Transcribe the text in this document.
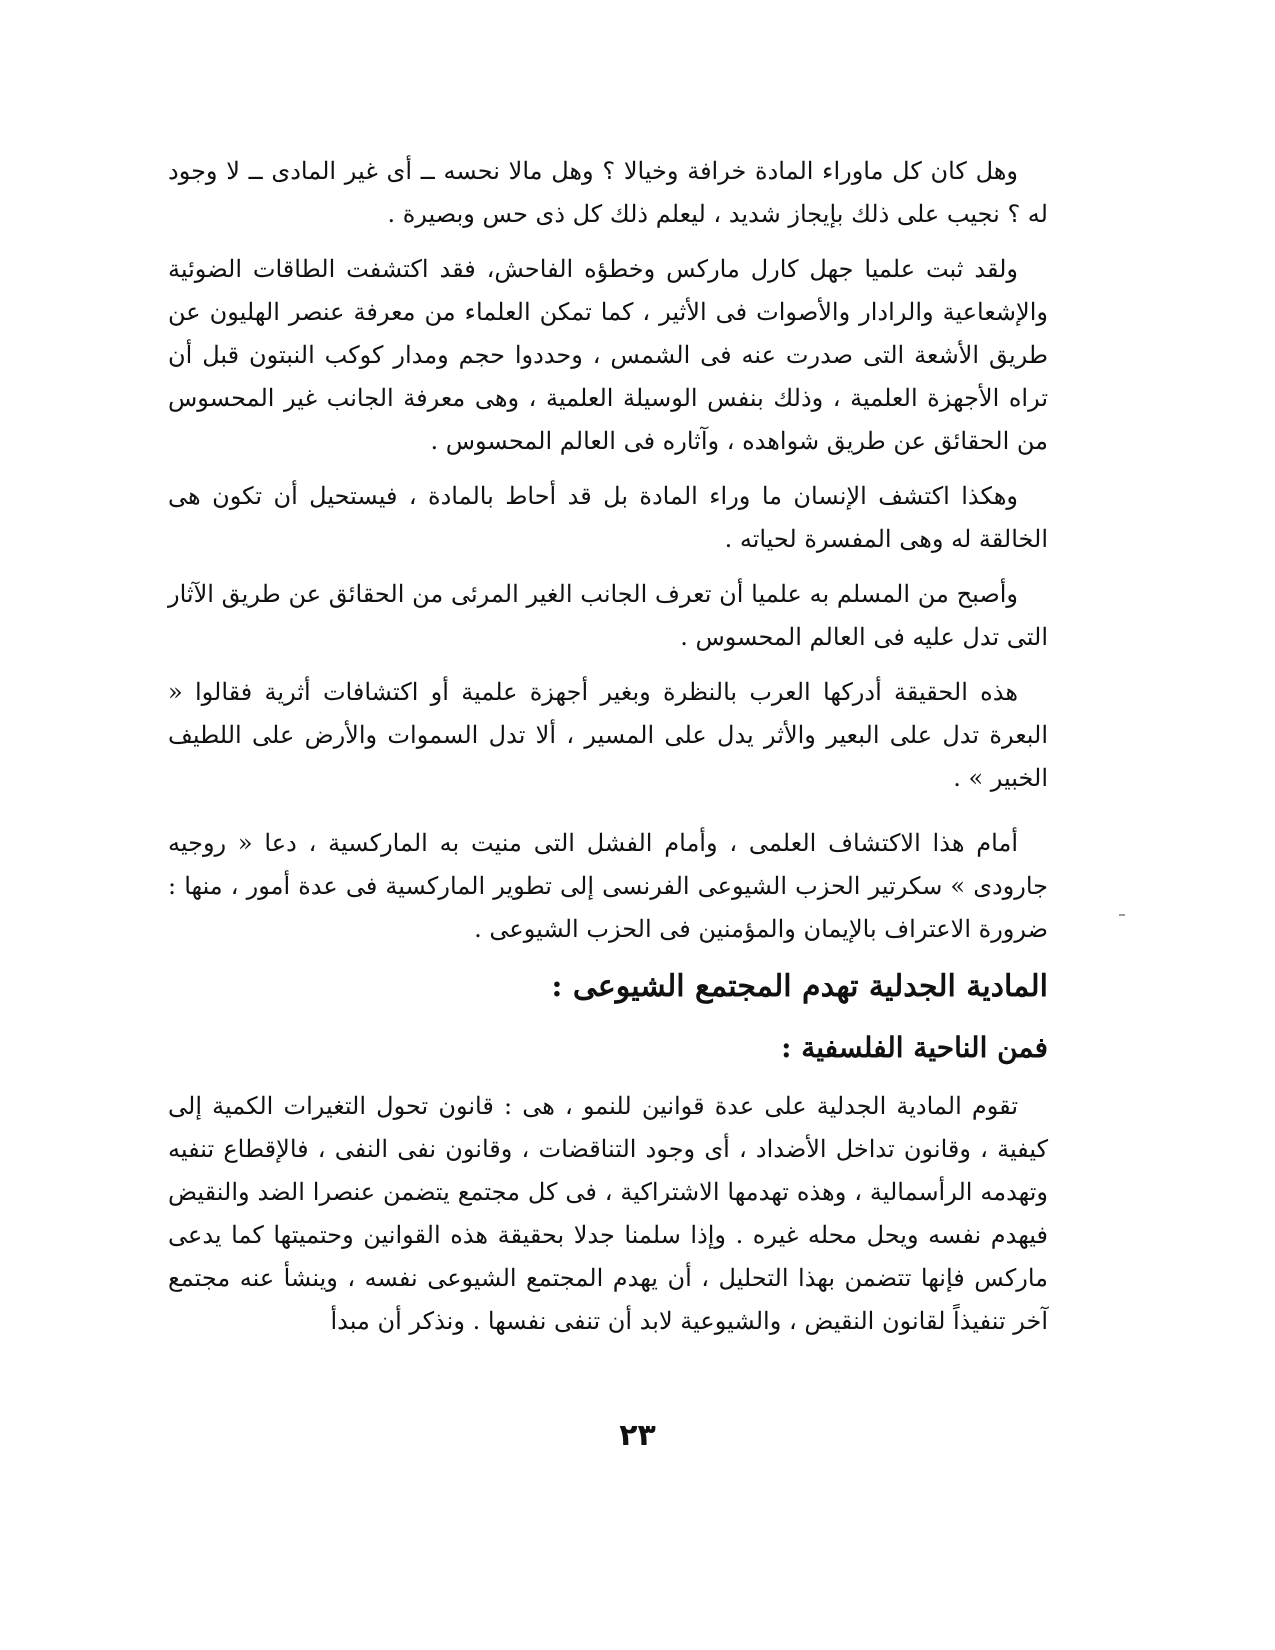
وهل كان كل ماوراء المادة خرافة وخيالا ؟ وهل مالا نحسه ــ أى غير المادى ــ لا وجود له ؟ نجيب على ذلك بإيجاز شديد ، ليعلم ذلك كل ذى حس وبصيرة .

ولقد ثبت علميا جهل كارل ماركس وخطؤه الفاحش، فقد اكتشفت الطاقات الضوئية والإشعاعية والرادار والأصوات فى الأثير ، كما تمكن العلماء من معرفة عنصر الهليون عن طريق الأشعة التى صدرت عنه فى الشمس ، وحددوا حجم ومدار كوكب النبتون قبل أن تراه الأجهزة العلمية ، وذلك بنفس الوسيلة العلمية ، وهى معرفة الجانب غير المحسوس من الحقائق عن طريق شواهده ، وآثاره فى العالم المحسوس .

وهكذا اكتشف الإنسان ما وراء المادة بل قد أحاط بالمادة ، فيستحيل أن تكون هى الخالقة له وهى المفسرة لحياته .

وأصبح من المسلم به علميا أن تعرف الجانب الغير المرئى من الحقائق عن طريق الآثار التى تدل عليه فى العالم المحسوس .

هذه الحقيقة أدركها العرب بالنظرة وبغير أجهزة علمية أو اكتشافات أثرية فقالوا « البعرة تدل على البعير والأثر يدل على المسير ، ألا تدل السموات والأرض على اللطيف الخبير » .

أمام هذا الاكتشاف العلمى ، وأمام الفشل التى منيت به الماركسية ، دعا « روجيه جارودى » سكرتير الحزب الشيوعى الفرنسى إلى تطوير الماركسية فى عدة أمور ، منها : ضرورة الاعتراف بالإيمان والمؤمنين فى الحزب الشيوعى .

المادية الجدلية تهدم المجتمع الشيوعى :
فمن الناحية الفلسفية :

تقوم المادية الجدلية على عدة قوانين للنمو ، هى : قانون تحول التغيرات الكمية إلى كيفية ، وقانون تداخل الأضداد ، أى وجود التناقضات ، وقانون نفى النفى ، فالإقطاع تنفيه وتهدمه الرأسمالية ، وهذه تهدمها الاشتراكية ، فى كل مجتمع يتضمن عنصرا الضد والنقيض فيهدم نفسه ويحل محله غيره . وإذا سلمنا جدلا بحقيقة هذه القوانين وحتميتها كما يدعى ماركس فإنها تتضمن بهذا التحليل ، أن يهدم المجتمع الشيوعى نفسه ، وينشأ عنه مجتمع آخر تنفيذاً لقانون النقيض ، والشيوعية لابد أن تنفى نفسها . ونذكر أن مبدأ

٢٣
